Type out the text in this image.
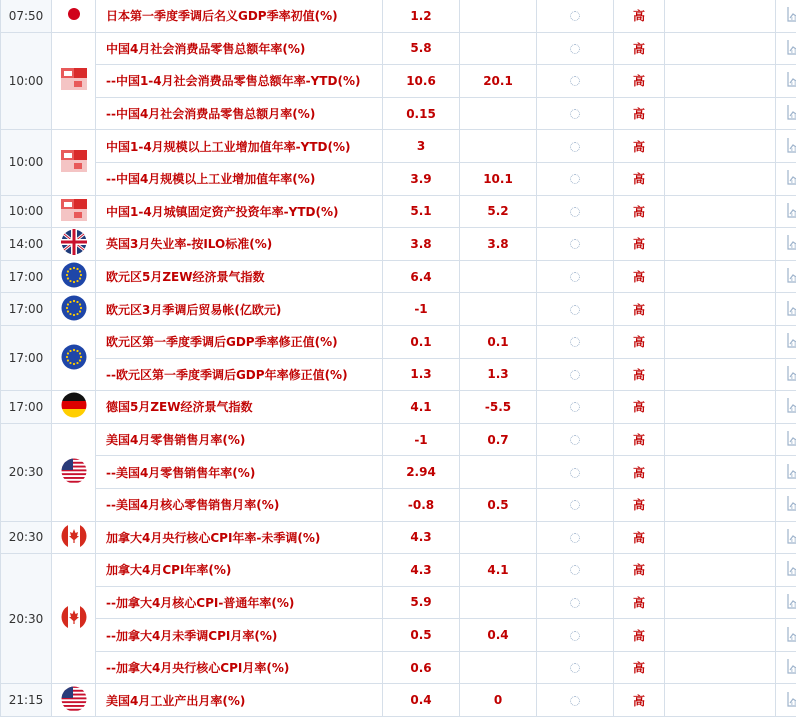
07:50		日本第一季度季调后名义GDP季率初值(%)	1.2			高		
10:00		中国4月社会消费品零售总额年率(%)	5.8			高		
		--中国1-4月社会消费品零售总额年率-YTD(%)	10.6	20.1		高		
		--中国4月社会消费品零售总额月率(%)	0.15			高		
10:00		中国1-4月规模以上工业增加值年率-YTD(%)	3			高		
		--中国4月规模以上工业增加值年率(%)	3.9	10.1		高		
10:00		中国1-4月城镇固定资产投资年率-YTD(%)	5.1	5.2		高		
14:00		英国3月失业率-按ILO标准(%)	3.8	3.8		高		
17:00		欧元区5月ZEW经济景气指数	6.4			高		
17:00		欧元区3月季调后贸易帐(亿欧元)	-1			高		
17:00		欧元区第一季度季调后GDP季率修正值(%)	0.1	0.1		高		
		--欧元区第一季度季调后GDP年率修正值(%)	1.3	1.3		高		
17:00		德国5月ZEW经济景气指数	4.1	-5.5		高		
20:30		美国4月零售销售月率(%)	-1	0.7		高		
		--美国4月零售销售年率(%)	2.94			高		
		--美国4月核心零售销售月率(%)	-0.8	0.5		高		
20:30		加拿大4月央行核心CPI年率-未季调(%)	4.3			高		
20:30		加拿大4月CPI年率(%)	4.3	4.1		高		
		--加拿大4月核心CPI-普通年率(%)	5.9			高		
		--加拿大4月未季调CPI月率(%)	0.5	0.4		高		
		--加拿大4月央行核心CPI月率(%)	0.6			高		
21:15		美国4月工业产出月率(%)	0.4	0		高		
